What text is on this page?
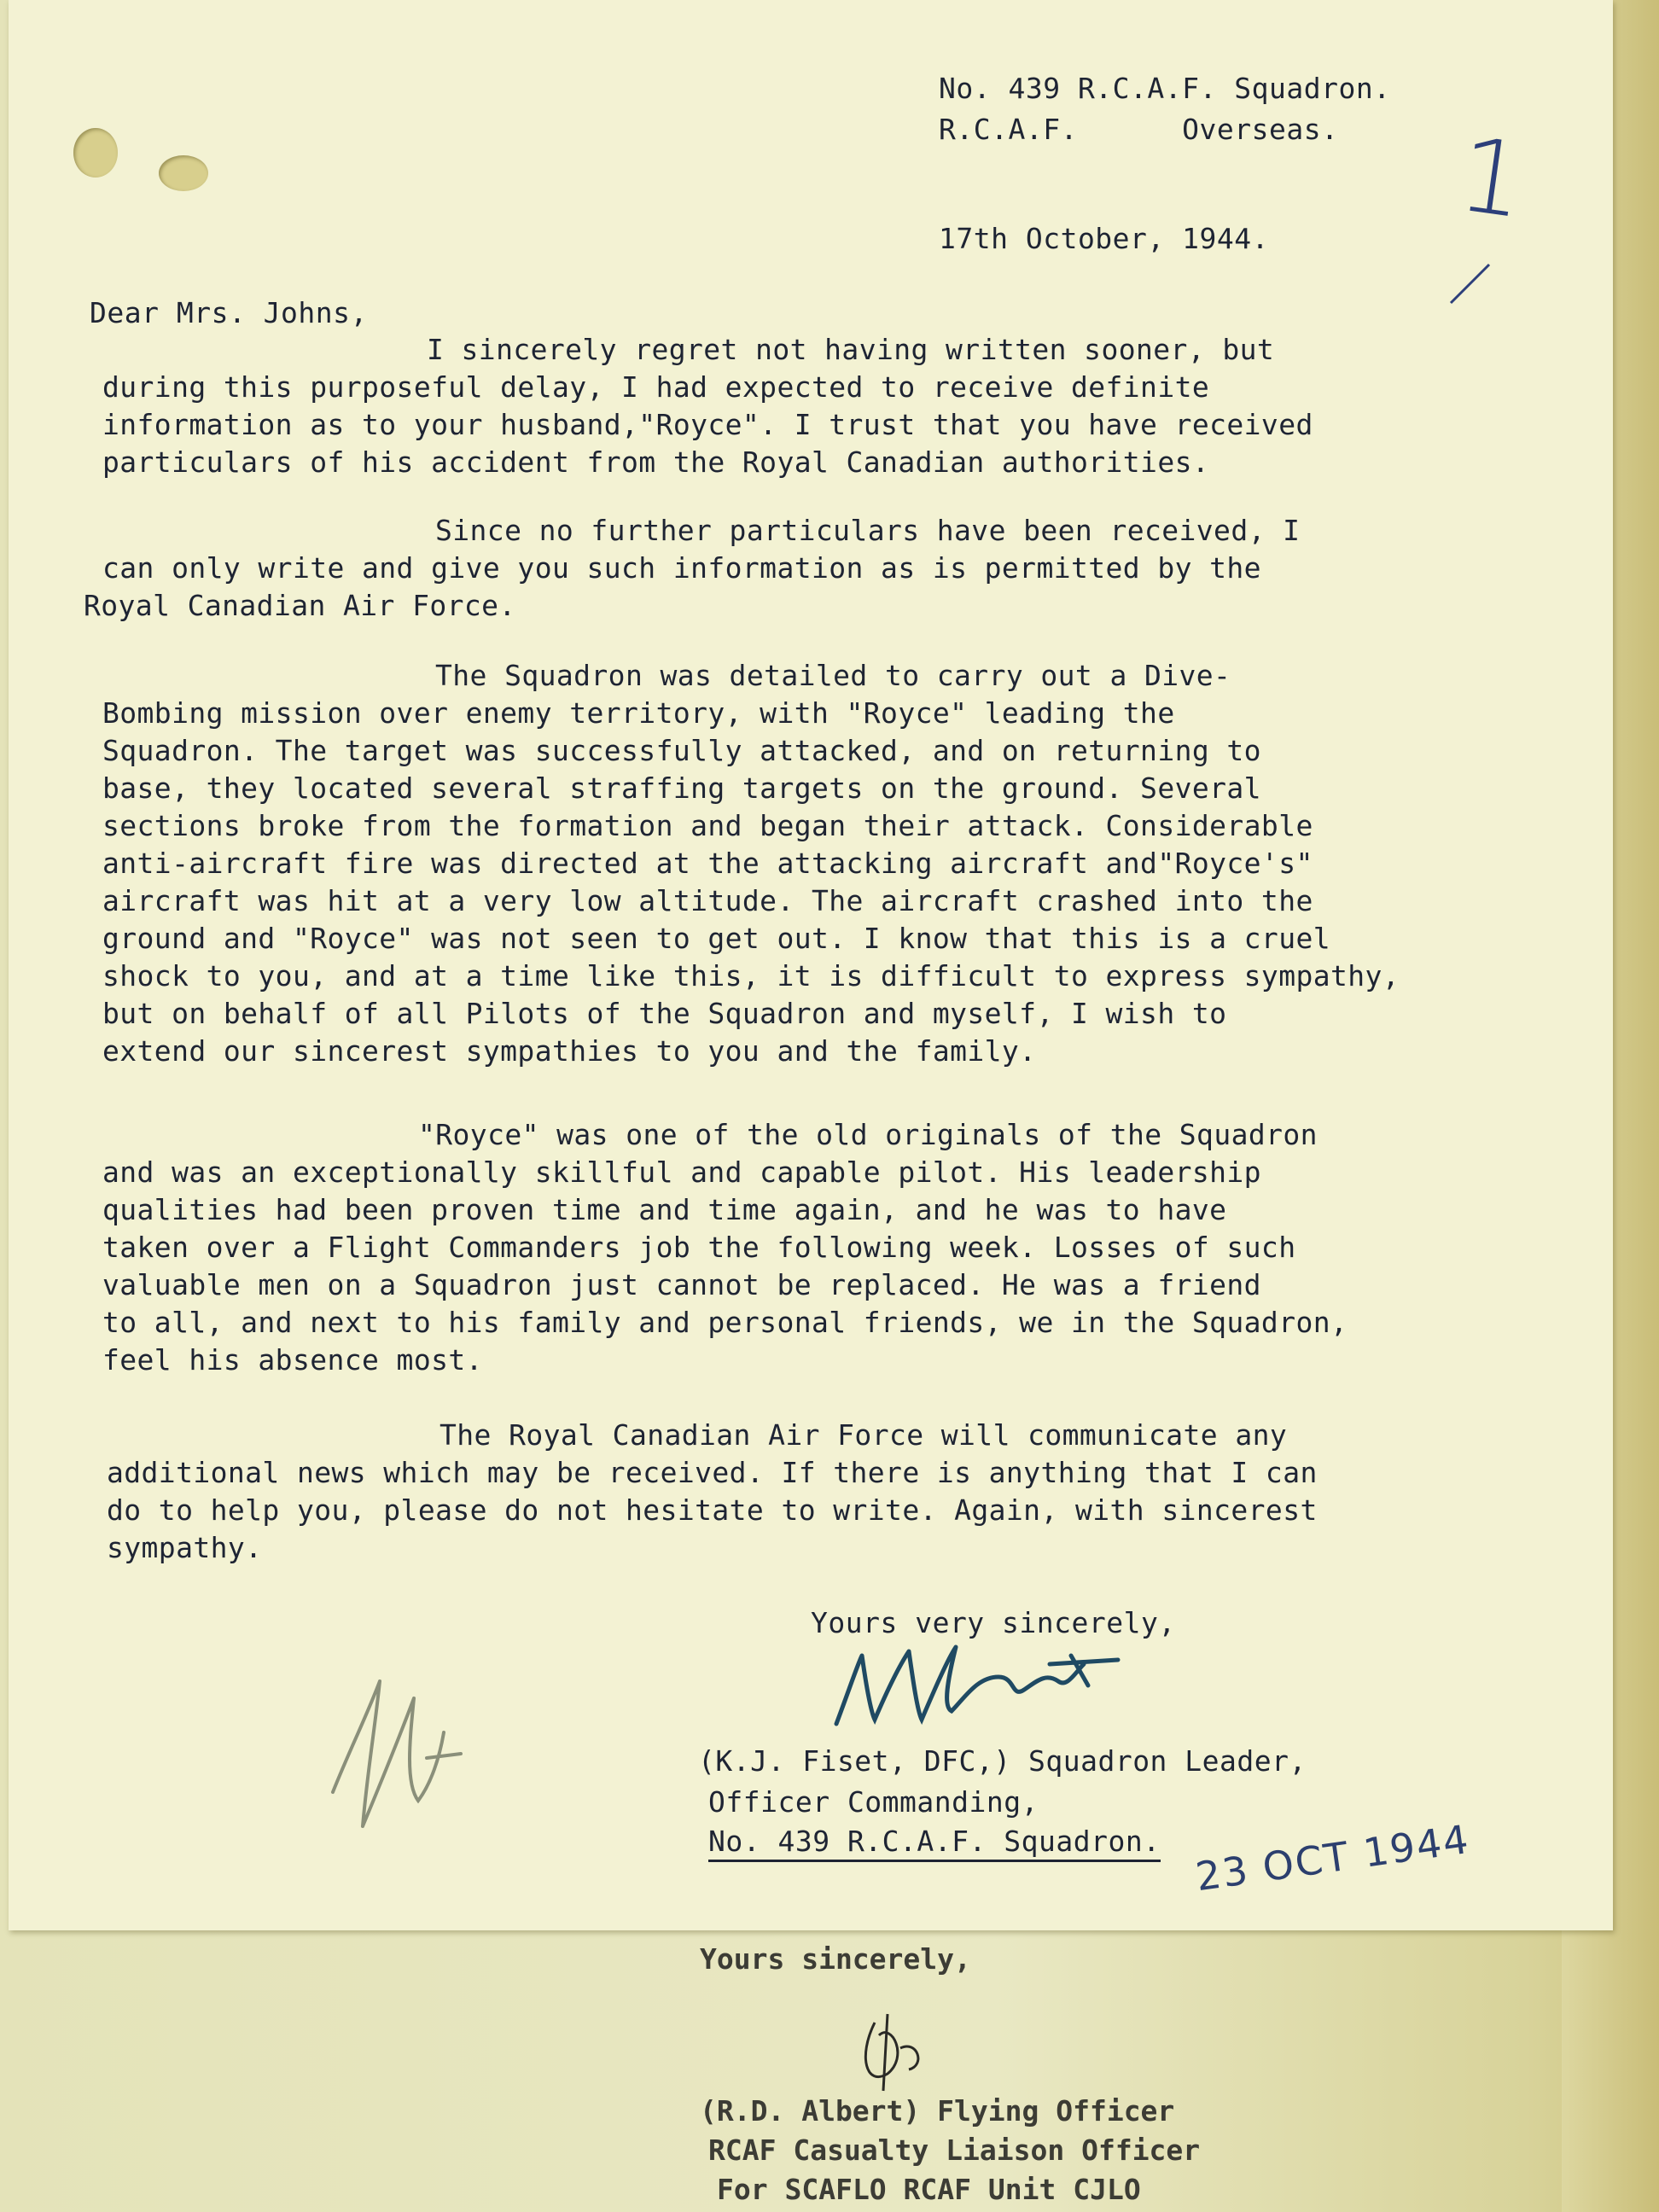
Yours sincerely,
(R.D. Albert) Flying Officer
RCAF Casualty Liaison Officer
For SCAFLO RCAF Unit CJLO
No. 439 R.C.A.F. Squadron.
R.C.A.F.      Overseas.
17th October, 1944. 1
Dear Mrs. Johns,

I sincerely regret not having written sooner, but

during this purposeful delay, I had expected to receive definite

information as to your husband,"Royce". I trust that you have received

particulars of his accident from the Royal Canadian authorities.

Since no further particulars have been received, I

can only write and give you such information as is permitted by the

Royal Canadian Air Force.

The Squadron was detailed to carry out a Dive-

Bombing mission over enemy territory, with "Royce" leading the

Squadron. The target was successfully attacked, and on returning to

base, they located several straffing targets on the ground. Several

sections broke from the formation and began their attack. Considerable

anti-aircraft fire was directed at the attacking aircraft and"Royce's"

aircraft was hit at a very low altitude. The aircraft crashed into the

ground and "Royce" was not seen to get out. I know that this is a cruel

shock to you, and at a time like this, it is difficult to express sympathy,

but on behalf of all Pilots of the Squadron and myself, I wish to

extend our sincerest sympathies to you and the family.

"Royce" was one of the old originals of the Squadron

and was an exceptionally skillful and capable pilot. His leadership

qualities had been proven time and time again, and he was to have

taken over a Flight Commanders job the following week. Losses of such

valuable men on a Squadron just cannot be replaced. He was a friend

to all, and next to his family and personal friends, we in the Squadron,

feel his absence most.

The Royal Canadian Air Force will communicate any

additional news which may be received. If there is anything that I can

do to help you, please do not hesitate to write. Again, with sincerest

sympathy.

Yours very sincerely,
(K.J. Fiset, DFC,) Squadron Leader,
Officer Commanding,
No. 439 R.C.A.F. Squadron. 23 OCT 1944
